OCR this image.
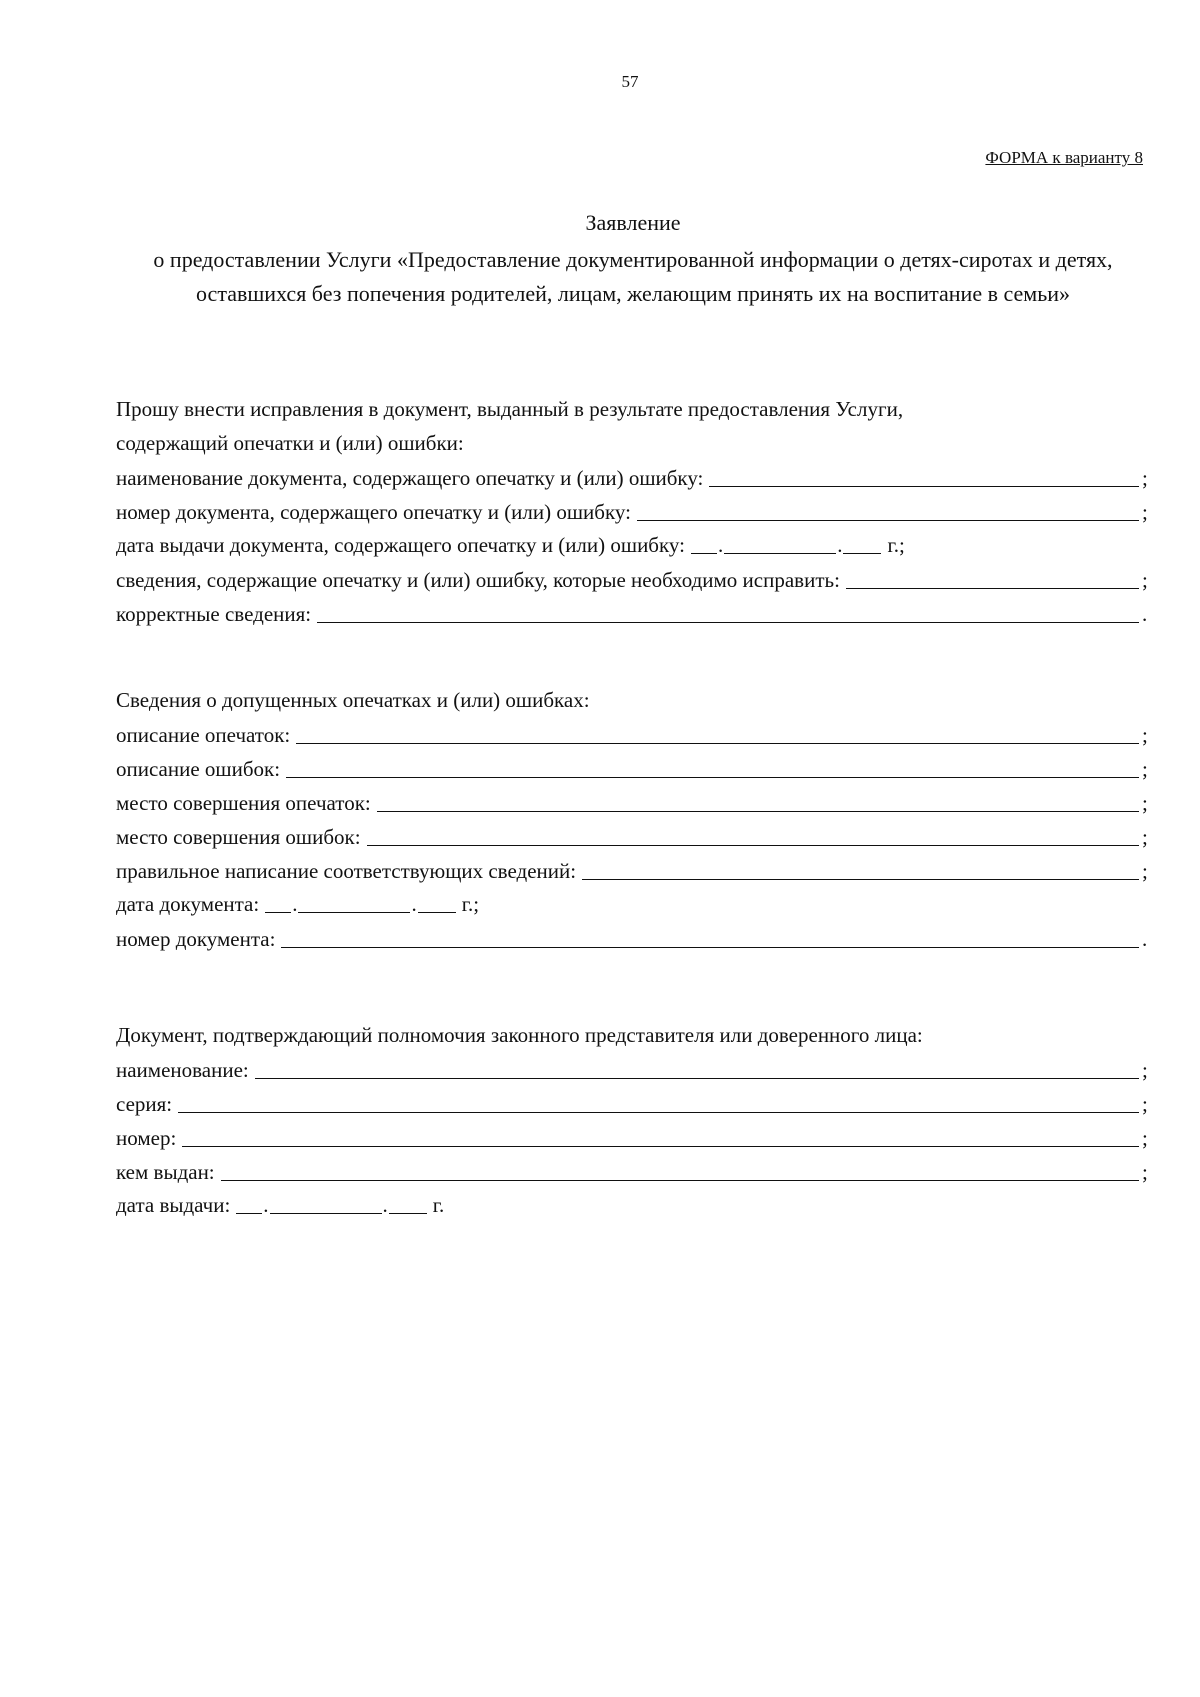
57
ФОРМА к варианту 8
Заявление
о предоставлении Услуги «Предоставление документированной информации о детях-сиротах и детях, оставшихся без попечения родителей, лицам, желающим принять их на воспитание в семьи»
Прошу внести исправления в документ, выданный в результате предоставления Услуги,
содержащий опечатки и (или) ошибки:
наименование документа, содержащего опечатку и (или) ошибку:	;
номер документа, содержащего опечатку и (или) ошибку:	;
дата выдачи документа, содержащего опечатку и (или) ошибку: .	. г.;
сведения, содержащие опечатку и (или) ошибку, которые необходимо исправить:	;
корректные сведения:	.
Сведения о допущенных опечатках и (или) ошибках:
описание опечаток:	;
описание ошибок:	;
место совершения опечаток:	;
место совершения ошибок:	;
правильное написание соответствующих сведений:	;
дата документа: .	. г.;
номер документа:	.
Документ, подтверждающий полномочия законного представителя или доверенного лица:
наименование:	;
серия:	;
номер:	;
кем выдан:	;
дата выдачи: .	. г.
